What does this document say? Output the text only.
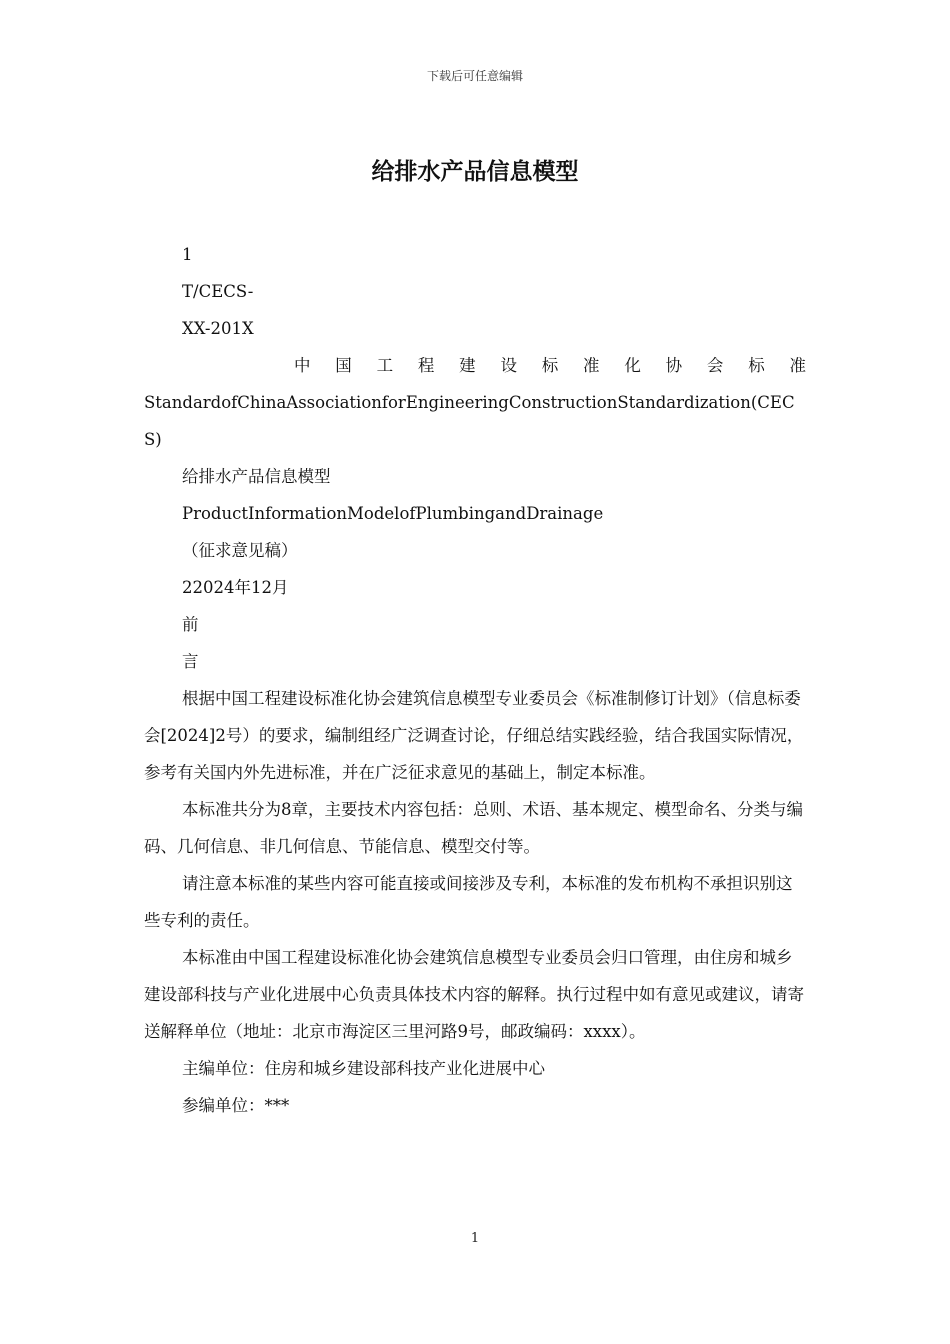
下载后可任意编辑
给排水产品信息模型

1

T/CECS-

XX-201X

中国工程建设标准化协会标准

StandardofChinaAssociationforEngineeringConstructionStandardization(CECS)

给排水产品信息模型

ProductInformationModelofPlumbingandDrainage

（征求意见稿）

22024年12月

前

言

根据中国工程建设标准化协会建筑信息模型专业委员会《标准制修订计划》（信息标委会[2024]2号）的要求，编制组经广泛调查讨论，仔细总结实践经验，结合我国实际情况，参考有关国内外先进标准，并在广泛征求意见的基础上，制定本标准。

本标准共分为8章，主要技术内容包括：总则、术语、基本规定、模型命名、分类与编码、几何信息、非几何信息、节能信息、模型交付等。

请注意本标准的某些内容可能直接或间接涉及专利，本标准的发布机构不承担识别这些专利的责任。

本标准由中国工程建设标准化协会建筑信息模型专业委员会归口管理，由住房和城乡建设部科技与产业化进展中心负责具体技术内容的解释。执行过程中如有意见或建议，请寄送解释单位（地址：北京市海淀区三里河路9号，邮政编码：xxxx）。

主编单位：住房和城乡建设部科技产业化进展中心

参编单位：***

1
